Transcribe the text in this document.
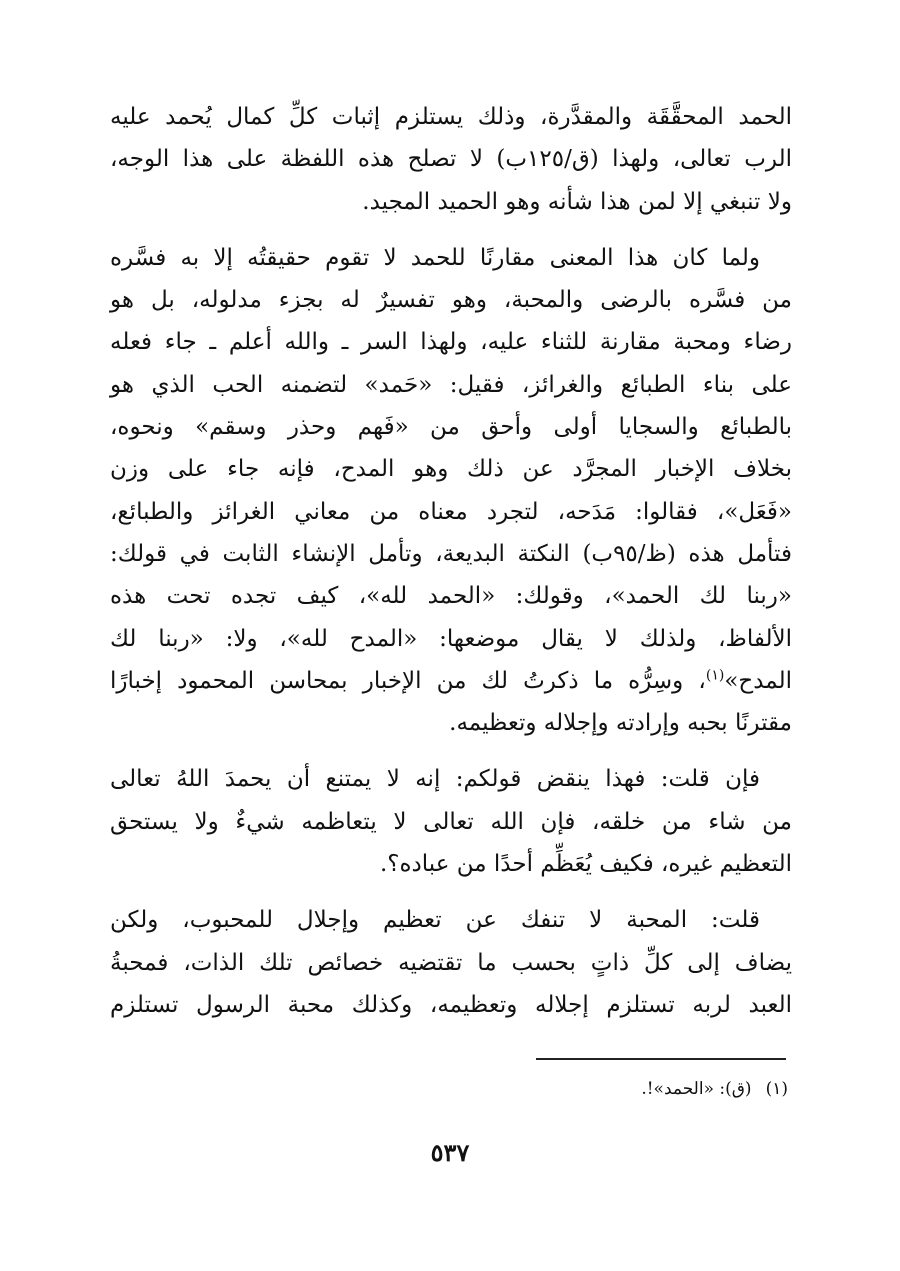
الحمد المحقَّقَة والمقدَّرة، وذلك يستلزم إثبات كلِّ كمال يُحمد عليه
الرب تعالى، ولهذا (ق/١٢٥ب) لا تصلح هذه اللفظة على هذا الوجه،
ولا تنبغي إلا لمن هذا شأنه وهو الحميد المجيد.

ولما كان هذا المعنى مقارنًا للحمد لا تقوم حقيقتُه إلا به فسَّره
من فسَّره بالرضى والمحبة، وهو تفسيرٌ له بجزء مدلوله، بل هو
رضاء ومحبة مقارنة للثناء عليه، ولهذا السر ـ والله أعلم ـ جاء فعله
على بناء الطبائع والغرائز، فقيل: «حَمد» لتضمنه الحب الذي هو
بالطبائع والسجايا أولى وأحق من «فَهم وحذر وسقم» ونحوه،
بخلاف الإخبار المجرَّد عن ذلك وهو المدح، فإنه جاء على وزن
«فَعَل»، فقالوا: مَدَحه، لتجرد معناه من معاني الغرائز والطبائع،
فتأمل هذه (ظ/٩٥ب) النكتة البديعة، وتأمل الإنشاء الثابت في قولك:
«ربنا لك الحمد»، وقولك: «الحمد لله»، كيف تجده تحت هذه
الألفاظ، ولذلك لا يقال موضعها: «المدح لله»، ولا: «ربنا لك
المدح»$^{(١)}$، وسِرُّه ما ذكرتُ لك من الإخبار بمحاسن المحمود إخبارًا
مقترنًا بحبه وإرادته وإجلاله وتعظيمه.

فإن قلت: فهذا ينقض قولكم: إنه لا يمتنع أن يحمدَ اللهُ تعالى
من شاء من خلقه، فإن الله تعالى لا يتعاظمه شيءٌ ولا يستحق
التعظيم غيره، فكيف يُعَظِّم أحدًا من عباده؟.

قلت: المحبة لا تنفك عن تعظيم وإجلال للمحبوب، ولكن
يضاف إلى كلِّ ذاتٍ بحسب ما تقتضيه خصائص تلك الذات، فمحبةُ
العبد لربه تستلزم إجلاله وتعظيمه، وكذلك محبة الرسول تستلزم

(١)(ق): «الحمد»!.
٥٣٧
